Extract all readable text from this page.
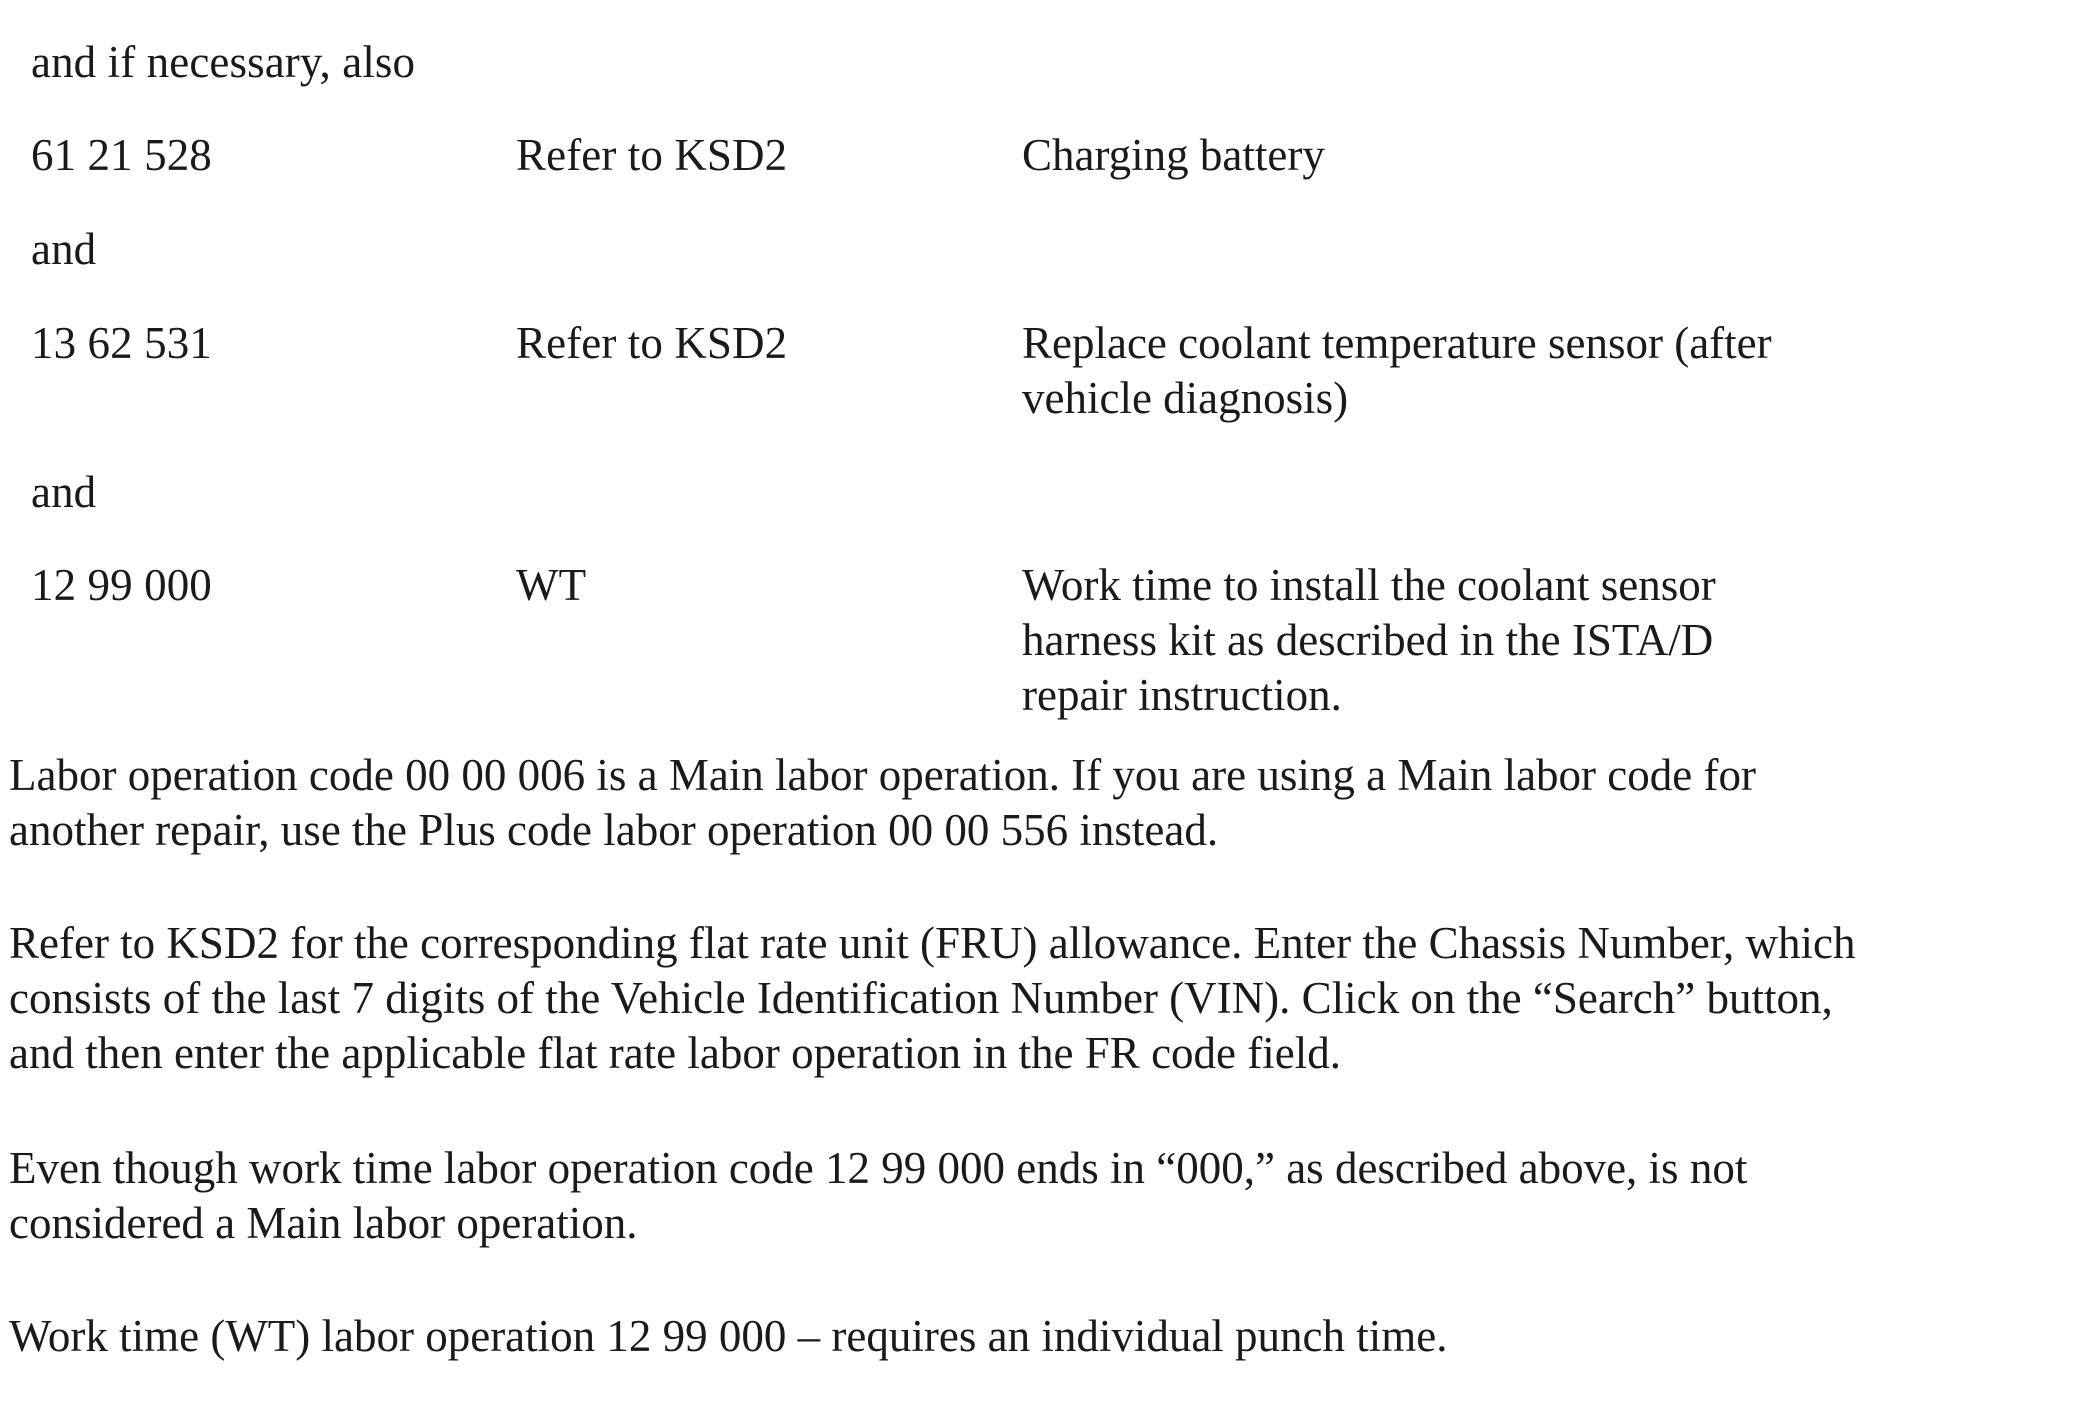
and if necessary, also
61 21 528	Refer to KSD2	Charging battery
and
13 62 531	Refer to KSD2	Replace coolant temperature sensor (after
vehicle diagnosis)
and
12 99 000	WT	Work time to install the coolant sensor
harness kit as described in the ISTA/D
repair instruction.
Labor operation code 00 00 006 is a Main labor operation. If you are using a Main labor code for
another repair, use the Plus code labor operation 00 00 556 instead.
Refer to KSD2 for the corresponding flat rate unit (FRU) allowance. Enter the Chassis Number, which
consists of the last 7 digits of the Vehicle Identification Number (VIN). Click on the “Search” button,
and then enter the applicable flat rate labor operation in the FR code field.
Even though work time labor operation code 12 99 000 ends in “000,” as described above, is not
considered a Main labor operation.
Work time (WT) labor operation 12 99 000 – requires an individual punch time.
